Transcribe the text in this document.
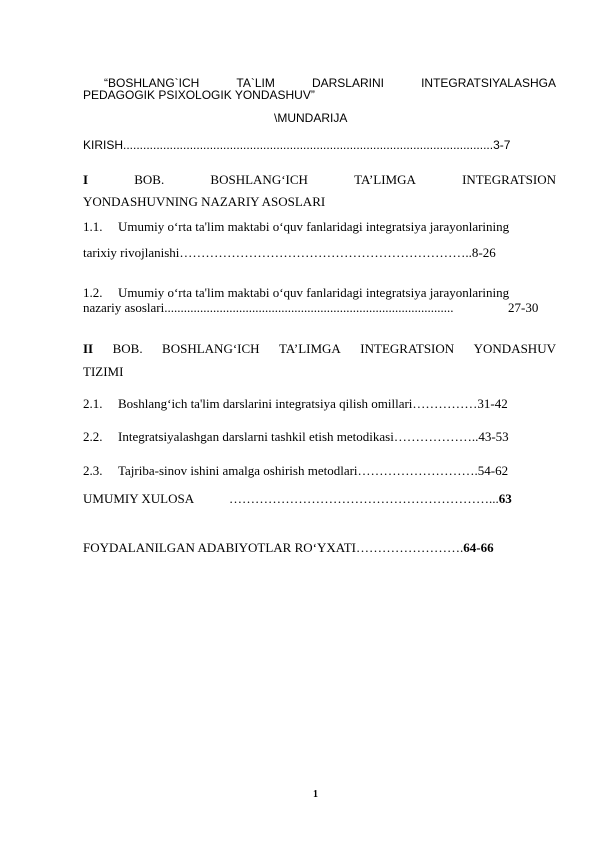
“BOSHLANG`ICH	TA`LIM	DARSLARINI	INTEGRATSIYALASHGA
PEDAGOGIK PSIXOLOGIK YONDASHUV”
\MUNDARIJA
KIRISH...............................................................................................................3-7
I	BOB.	BOSHLANG‘ICH	TA’LIMGA	INTEGRATSION
YONDASHUVNING NAZARIY ASOSLARI
1.1. Umumiy o‘rta ta'lim maktabi o‘quv fanlaridagi integratsiya jarayonlarining
tarixiy rivojlanishi…………………………………………………………..8-26
1.2. Umumiy o‘rta ta'lim maktabi o‘quv fanlaridagi integratsiya jarayonlarining
nazariy asoslari.........................................................................................	27-30
II BOB. BOSHLANG‘ICH TA’LIMGA INTEGRATSION YONDASHUV
TIZIMI
2.1. Boshlang‘ich ta'lim darslarini integratsiya qilish omillari……………31-42
2.2. Integratsiyalashgan darslarni tashkil etish metodikasi………………..43-53
2.3. Tajriba-sinov ishini amalga oshirish metodlari……………………….54-62
UMUMIY XULOSA	……………………………………………………...63
FOYDALANILGAN ADABIYOTLAR RO‘YXATI…………………….64-66
1
